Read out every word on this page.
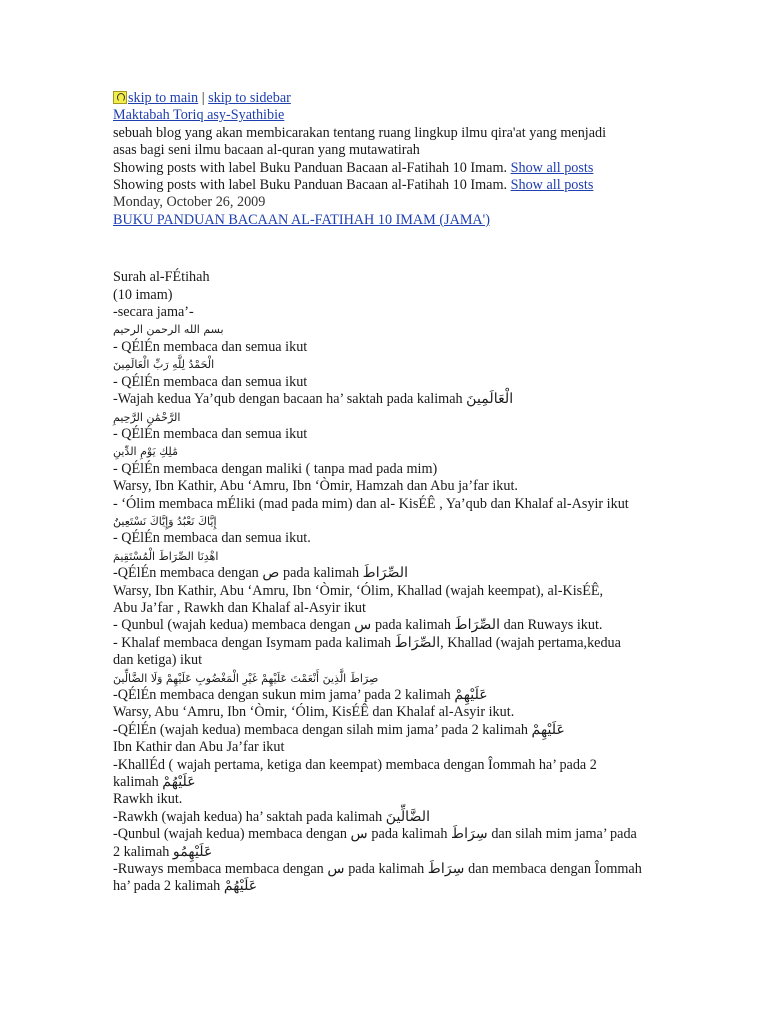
skip to main | skip to sidebar
Maktabah Toriq asy-Syathibie
sebuah blog yang akan membicarakan tentang ruang lingkup ilmu qira'at yang menjadi asas bagi seni ilmu bacaan al-quran yang mutawatirah
Showing posts with label Buku Panduan Bacaan al-Fatihah 10 Imam. Show all posts
Showing posts with label Buku Panduan Bacaan al-Fatihah 10 Imam. Show all posts
Monday, October 26, 2009
BUKU PANDUAN BACAAN AL-FATIHAH 10 IMAM (JAMA')
Surah al-FÉtihah
(10 imam)
-secara jama’-
بسم الله الرحمن الرحيم
- QÉlÉn membaca dan semua ikut
الْحَمْدُ لِلَّهِ رَبِّ الْعَالَمِينَ
- QÉlÉn membaca dan semua ikut
-Wajah kedua Ya’qub dengan bacaan ha’ saktah pada kalimah الْعَالَمِينَ
الرَّحْمَٰنِ الرَّحِيمِ
- QÉlÉn membaca dan semua ikut
مَٰلِكِ يَوْمِ الدِّينِ
- QÉlÉn membaca dengan maliki ( tanpa mad pada mim)
Warsy, Ibn Kathir, Abu ‘Amru, Ibn ‘Òmir, Hamzah dan Abu ja’far ikut.
- ‘Ólim membaca mÉliki (mad pada mim) dan al- KisÉÊ , Ya’qub dan Khalaf al-Asyir ikut
إِيَّاكَ نَعْبُدُ وَإِيَّاكَ نَسْتَعِينُ
- QÉlÉn membaca dan semua ikut.
اهْدِنَا الصِّرَاطَ الْمُسْتَقِيمَ
-QÉlÉn membaca dengan ص pada kalimah الصِّرَاطَ
Warsy, Ibn Kathir, Abu ‘Amru, Ibn ‘Òmir, ‘Ólim, Khallad (wajah keempat), al-KisÉÊ,
Abu Ja’far , Rawkh dan Khalaf al-Asyir ikut
- Qunbul (wajah kedua) membaca dengan س pada kalimah الصِّرَاطَ dan Ruways ikut.
- Khalaf membaca dengan Isymam pada kalimah الصِّرَاطَ, Khallad (wajah pertama,kedua
dan ketiga) ikut
صِرَاطَ الَّذِينَ أَنْعَمْتَ عَلَيْهِمْ غَيْرِ الْمَغْضُوبِ عَلَيْهِمْ وَلَا الضَّالِّينَ
-QÉlÉn membaca dengan sukun mim jama’ pada 2 kalimah عَلَيْهِمْ
Warsy, Abu ‘Amru, Ibn ‘Òmir, ‘Ólim, KisÉÊ dan Khalaf al-Asyir ikut.
-QÉlÉn (wajah kedua) membaca dengan silah mim jama’ pada 2 kalimah عَلَيْهِمْ
Ibn Kathir dan Abu Ja’far ikut
-KhallÉd ( wajah pertama, ketiga dan keempat) membaca dengan Îommah ha’ pada 2
kalimah عَلَيْهُمْ
Rawkh ikut.
-Rawkh (wajah kedua) ha’ saktah pada kalimah الضَّالِّينَ
-Qunbul (wajah kedua) membaca dengan س pada kalimah سِرَاطَ dan silah mim jama’ pada
2 kalimah عَلَيْهِمُو
-Ruways membaca membaca dengan س pada kalimah سِرَاطَ dan membaca dengan Îommah
ha’ pada 2 kalimah عَلَيْهُمْ
